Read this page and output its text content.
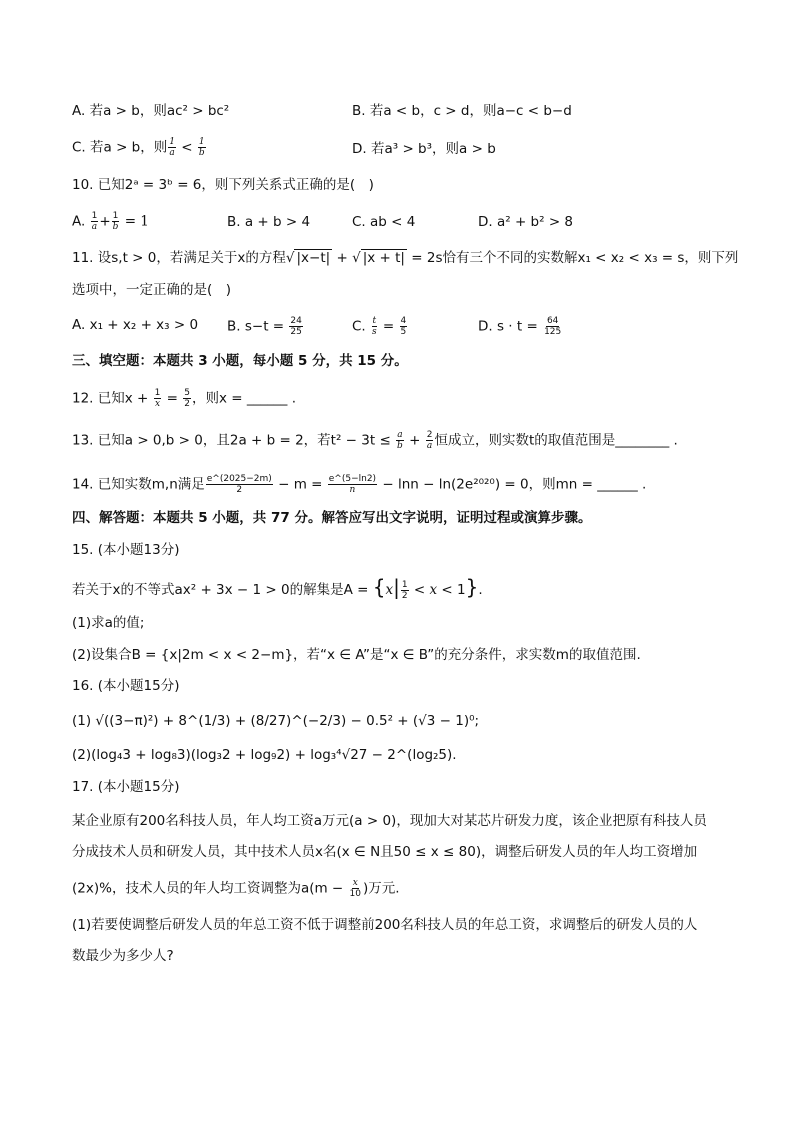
A. 若a > b，则ac² > bc²	B. 若a < b，c > d，则a−c < b−d
C. 若a > b，则 $\frac{1}{a} < \frac{1}{b}$	D. 若a³ > b³，则a > b
10. 已知2ᵃ = 3ᵇ = 6，则下列关系式正确的是(　)
A. $\frac{1}{a} + \frac{1}{b} = 1$	B. a + b > 4	C. ab < 4	D. a² + b² > 8
11. 设s,t > 0，若满足关于x的方程√ |x−t| + √ |x + t| = 2s恰有三个不同的实数解x₁ < x₂ < x₃ = s，则下列
选项中，一定正确的是(　)
A. x₁ + x₂ + x₃ > 0 B. $s-t = \frac{24}{25}$	C. $\frac{t}{s} = \frac{4}{5}$	D. $s \cdot t = \frac{64}{125}$
三、填空题：本题共 3 小题，每小题 5 分，共 15 分。
12. 已知$x + \frac{1}{x} = \frac{5}{2}$ ，则x = ______ .
13. 已知a > 0,b > 0，且2a + b = 2，若$t^2 - 3t \le \frac{a}{b} + \frac{2}{a}$ 恒成立，则实数t的取值范围是________ .
14. 已知实数m,n满足 $\frac{e\^{}(2025-2m)}{2} - m = \frac{e\^{}(5-\ln 2)}{n} - \ln n - \ln(2e^{2020}) = 0$，则mn = ______ .
四、解答题：本题共 5 小题，共 77 分。解答应写出文字说明，证明过程或演算步骤。
15. (本小题13分)
若关于x的不等式ax² + 3x − 1 > 0的解集是$A = \{x| \frac{1}{2} < x < 1\}$.
(1)求a的值;
(2)设集合B = {x|2m < x < 2−m}，若“x ∈ A”是“x ∈ B”的充分条件，求实数m的取值范围.
16. (本小题15分)
(1) √((3−π)²) + 8^(1/3) + (8/27)^(−2/3) − 0.5² + (√3 − 1)⁰;
(2)(log₄3 + log₈3)(log₃2 + log₉2) + log₃⁴√27 − 2^(log₂5).
17. (本小题15分)
某企业原有200名科技人员，年人均工资a万元(a > 0)，现加大对某芯片研发力度，该企业把原有科技人员
分成技术人员和研发人员，其中技术人员x名(x ∈ N且50 ≤ x ≤ 80)，调整后研发人员的年人均工资增加
(2x)%，技术人员的年人均工资调整为$a(m - \frac{x}{10}$ )万元.
(1)若要使调整后研发人员的年总工资不低于调整前200名科技人员的年总工资，求调整后的研发人员的人
数最少为多少人?
